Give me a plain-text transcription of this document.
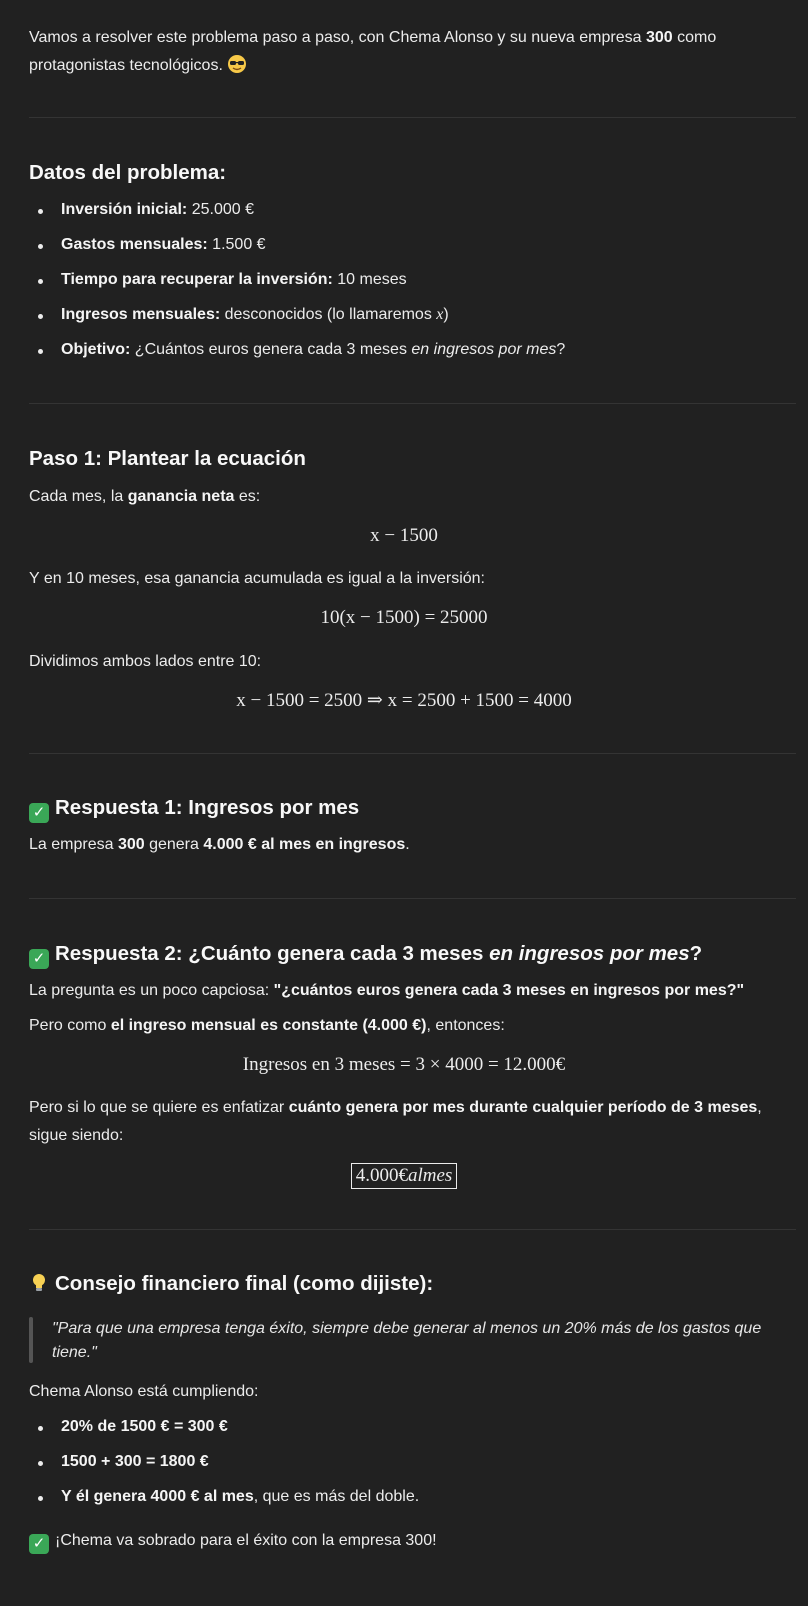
Vamos a resolver este problema paso a paso, con Chema Alonso y su nueva empresa 300 como protagonistas tecnológicos.

Datos del problema:
Inversión inicial: 25.000 €
Gastos mensuales: 1.500 €
Tiempo para recuperar la inversión: 10 meses
Ingresos mensuales: desconocidos (lo llamaremos x)
Objetivo: ¿Cuántos euros genera cada 3 meses en ingresos por mes?
Paso 1: Plantear la ecuación

Cada mes, la ganancia neta es:

x − 1500

Y en 10 meses, esa ganancia acumulada es igual a la inversión:

10(x − 1500) = 25000

Dividimos ambos lados entre 10:

x − 1500 = 2500 ⇒ x = 2500 + 1500 = 4000
✓ Respuesta 1: Ingresos por mes

La empresa 300 genera 4.000 € al mes en ingresos.

✓ Respuesta 2: ¿Cuánto genera cada 3 meses en ingresos por mes?

La pregunta es un poco capciosa: "¿cuántos euros genera cada 3 meses en ingresos por mes?"

Pero como el ingreso mensual es constante (4.000 €), entonces:

Ingresos en 3 meses = 3 × 4000 = 12.000€

Pero si lo que se quiere es enfatizar cuánto genera por mes durante cualquier período de 3 meses, sigue siendo:

4.000€almes
Consejo financiero final (como dijiste):

"Para que una empresa tenga éxito, siempre debe generar al menos un 20% más de los gastos que tiene."

Chema Alonso está cumpliendo:

20% de 1500 € = 300 €
1500 + 300 = 1800 €
Y él genera 4000 € al mes, que es más del doble.

✓ ¡Chema va sobrado para el éxito con la empresa 300!
